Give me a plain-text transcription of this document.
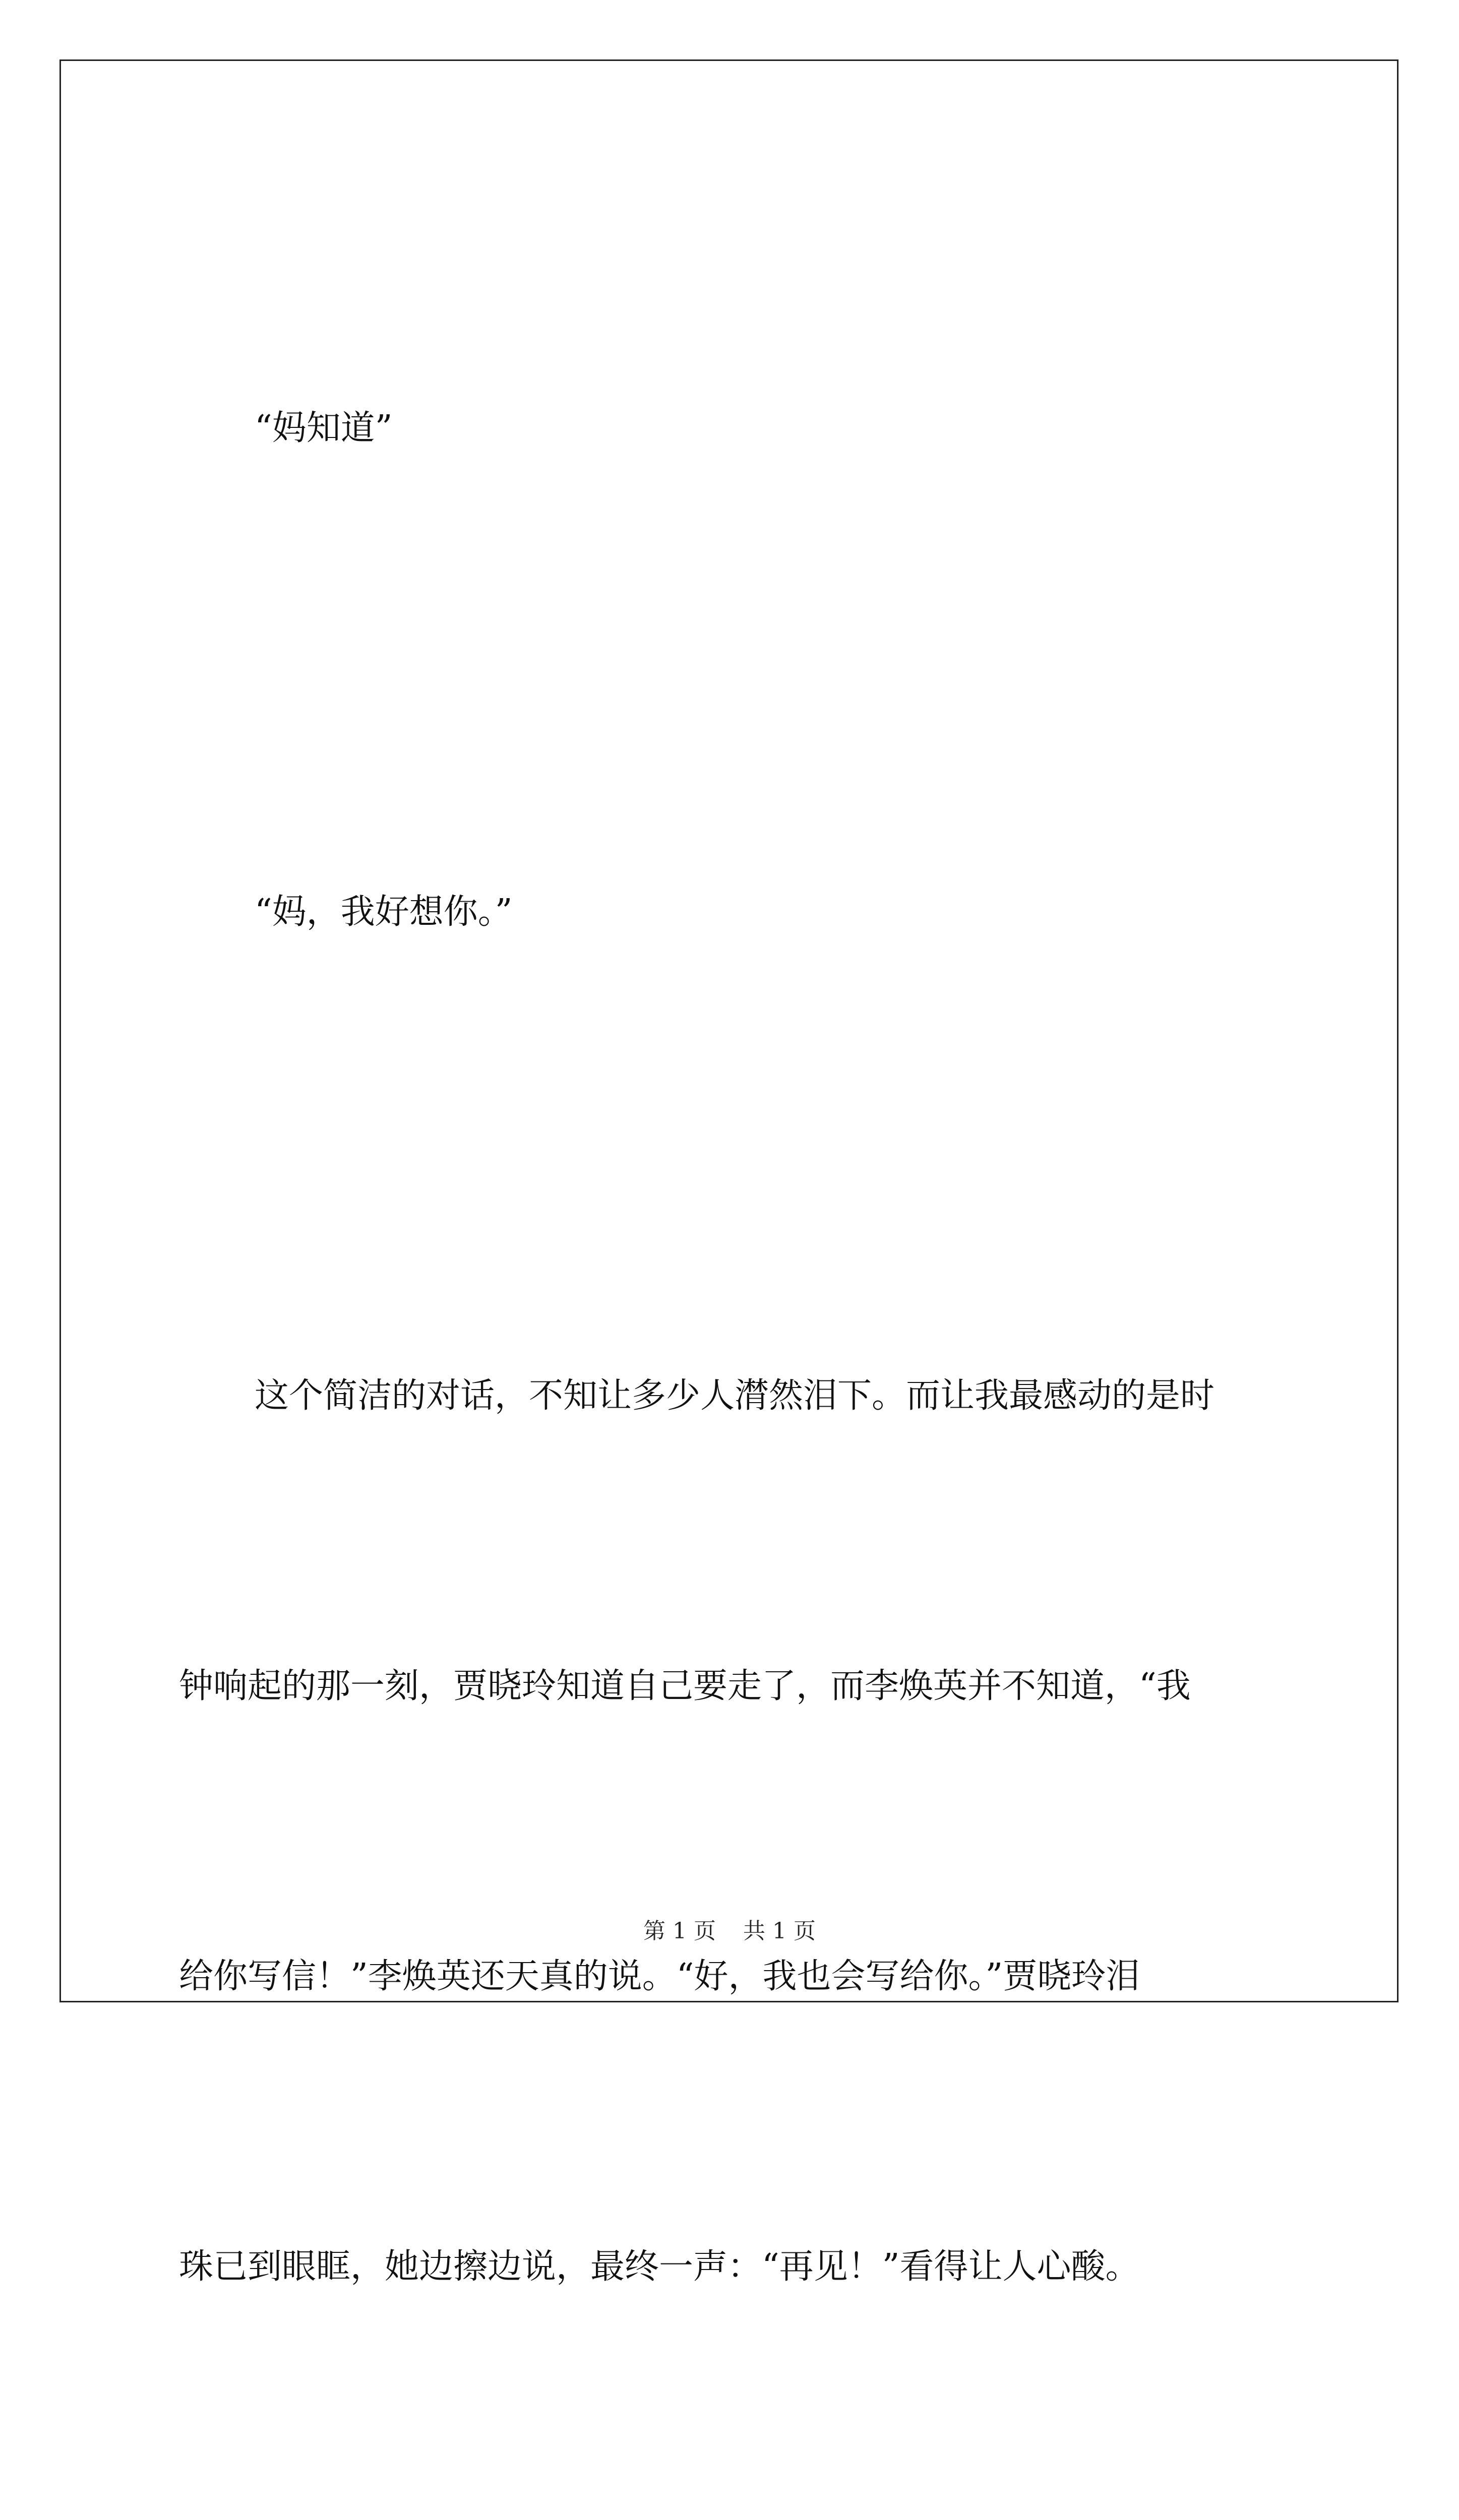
“妈知道”

“妈，我好想你。”

这个简洁的对话，不知让多少人潸然泪下。而让我最感动的是时

钟响起的那一刻，贾晓玲知道自己要走了，而李焕英并不知道，“我

给你写信！”李焕英还天真的说。“好，我也会写给你。”贾晓玲泪

珠已到眼眶，她边擦边说，最终一声：“再见！”看得让人心酸。

第 1 页 共 1 页
